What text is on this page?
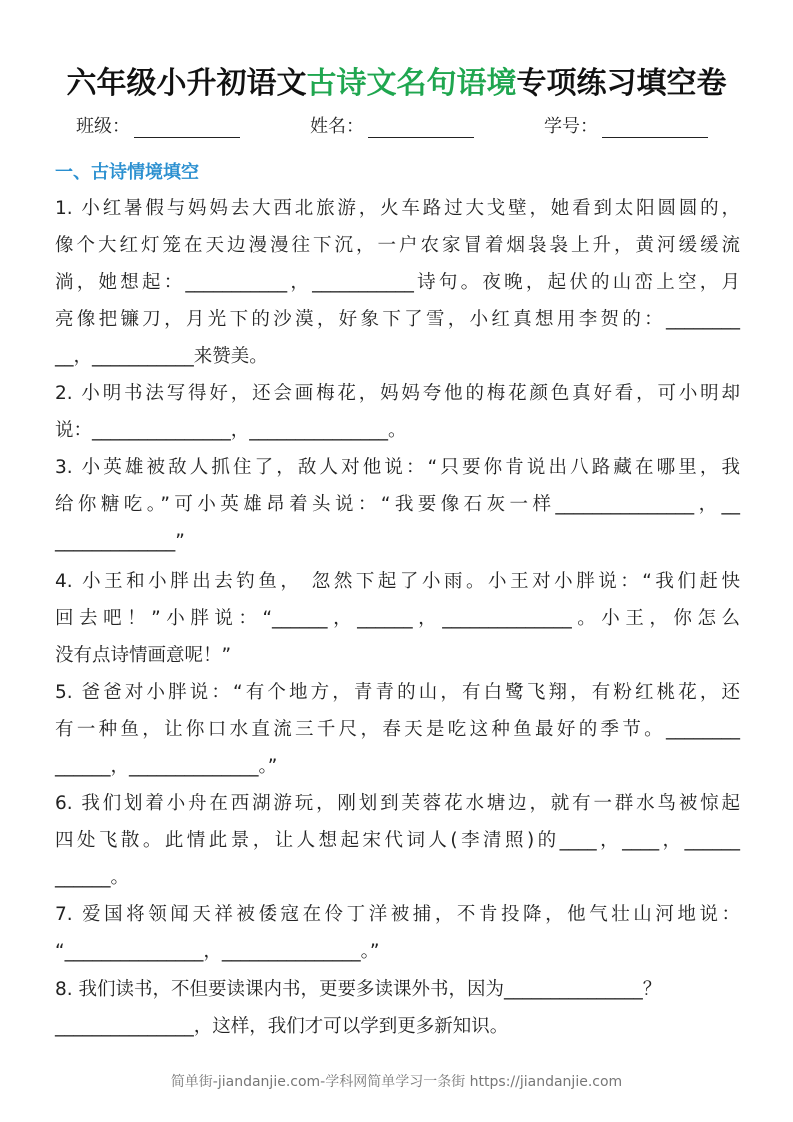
六年级小升初语文古诗文名句语境专项练习填空卷
班级：	姓名：	学号：
一、古诗情境填空
1. 小红暑假与妈妈去大西北旅游，火车路过大戈壁，她看到太阳圆圆的，
像个大红灯笼在天边漫漫往下沉，一户农家冒着烟袅袅上升，黄河缓缓流
淌，她想起：___________，___________诗句。夜晚，起伏的山峦上空，月
亮像把镰刀，月光下的沙漠，好象下了雪，小红真想用李贺的：________
__，___________来赞美。
2. 小明书法写得好，还会画梅花，妈妈夸他的梅花颜色真好看，可小明却
说：_______________，_______________。
3. 小英雄被敌人抓住了，敌人对他说：“只要你肯说出八路藏在哪里，我
给你糖吃。”可小英雄昂着头说：“我要像石灰一样_______________，__
_____________”
4. 小王和小胖出去钓鱼， 忽然下起了小雨。小王对小胖说：“我们赶快
回去吧！”小胖说：“______，______，______________。小王，你怎么
没有点诗情画意呢！”
5. 爸爸对小胖说：“有个地方，青青的山，有白鹭飞翔，有粉红桃花，还
有一种鱼，让你口水直流三千尺，春天是吃这种鱼最好的季节。________
______，______________。”
6. 我们划着小舟在西湖游玩，刚划到芙蓉花水塘边，就有一群水鸟被惊起
四处飞散。此情此景，让人想起宋代词人(李清照)的____，____，______
______。
7. 爱国将领闻天祥被倭寇在伶丁洋被捕，不肯投降，他气壮山河地说：
“_______________，_______________。”
8. 我们读书，不但要读课内书，更要多读课外书，因为_______________？
_______________，这样，我们才可以学到更多新知识。
简单街-jiandanjie.com-学科网简单学习一条街 https://jiandanjie.com
